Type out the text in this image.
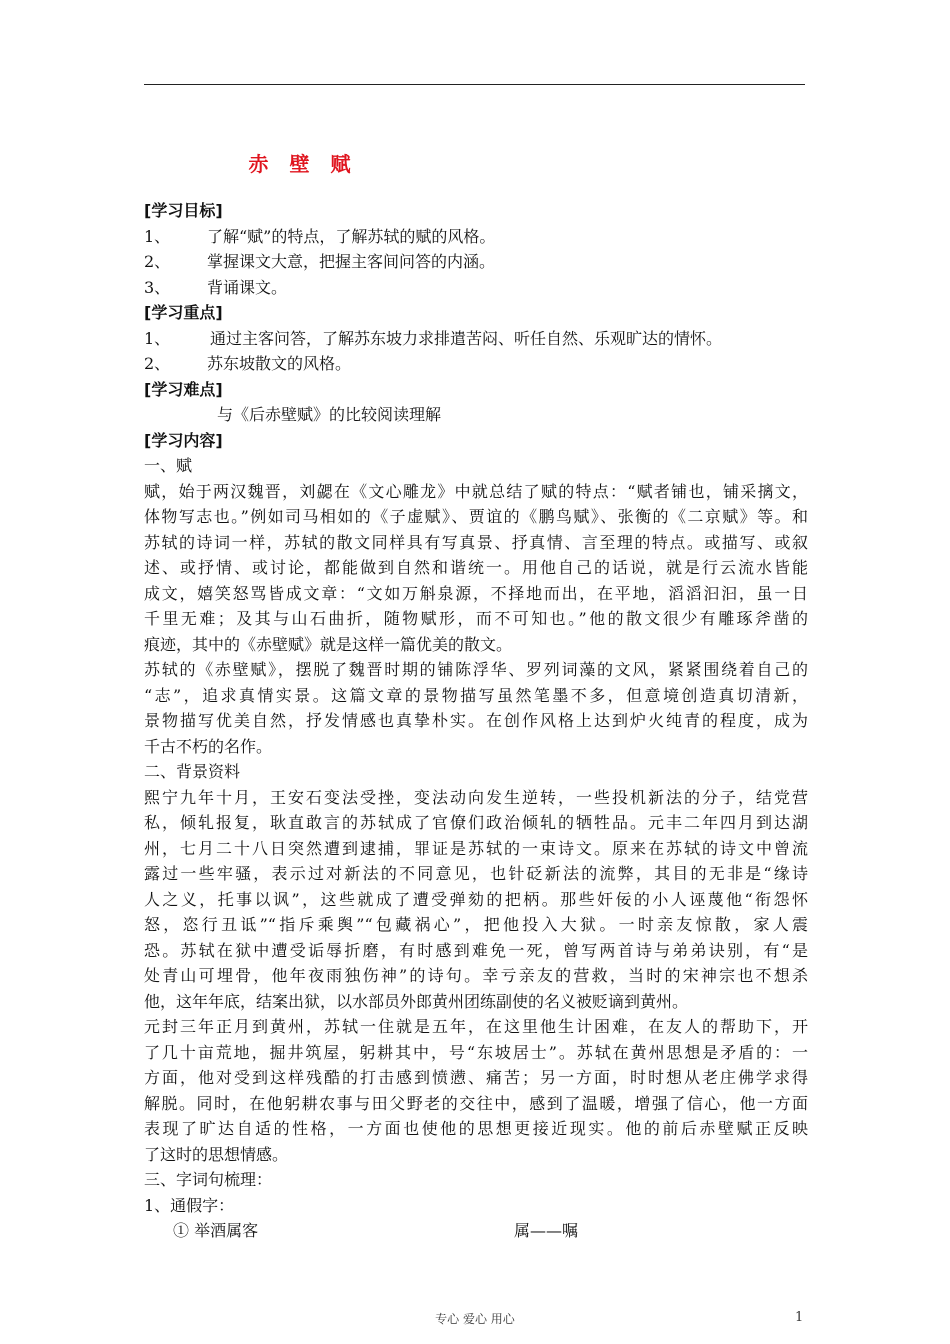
赤 壁 赋
[学习目标]
1、 了解“赋”的特点，了解苏轼的赋的风格。
2、 掌握课文大意，把握主客间问答的内涵。
3、 背诵课文。
[学习重点]
1、 通过主客问答，了解苏东坡力求排遣苦闷、听任自然、乐观旷达的情怀。
2、 苏东坡散文的风格。
[学习难点]
与《后赤壁赋》的比较阅读理解
[学习内容]
一、赋
赋，始于两汉魏晋，刘勰在《文心雕龙》中就总结了赋的特点：“赋者铺也，铺采摛文，
体物写志也。”例如司马相如的《子虚赋》、贾谊的《鹏鸟赋》、张衡的《二京赋》等。和
苏轼的诗词一样，苏轼的散文同样具有写真景、抒真情、言至理的特点。或描写、或叙
述、或抒情、或讨论，都能做到自然和谐统一。用他自己的话说，就是行云流水皆能
成文，嬉笑怒骂皆成文章：“文如万斛泉源，不择地而出，在平地，滔滔汩汩，虽一日
千里无难；及其与山石曲折，随物赋形，而不可知也。”他的散文很少有雕琢斧凿的
痕迹，其中的《赤壁赋》就是这样一篇优美的散文。
苏轼的《赤壁赋》，摆脱了魏晋时期的铺陈浮华、罗列词藻的文风，紧紧围绕着自己的
“志”，追求真情实景。这篇文章的景物描写虽然笔墨不多，但意境创造真切清新，
景物描写优美自然，抒发情感也真挚朴实。在创作风格上达到炉火纯青的程度，成为
千古不朽的名作。
二、背景资料
熙宁九年十月，王安石变法受挫，变法动向发生逆转，一些投机新法的分子，结党营
私，倾轧报复，耿直敢言的苏轼成了官僚们政治倾轧的牺牲品。元丰二年四月到达湖
州，七月二十八日突然遭到逮捕，罪证是苏轼的一束诗文。原来在苏轼的诗文中曾流
露过一些牢骚，表示过对新法的不同意见，也针砭新法的流弊，其目的无非是“缘诗
人之义，托事以讽”，这些就成了遭受弹劾的把柄。那些奸佞的小人诬蔑他“衔怨怀
怒，恣行丑诋”“指斥乘舆”“包藏祸心”，把他投入大狱。一时亲友惊散，家人震
恐。苏轼在狱中遭受诟辱折磨，有时感到难免一死，曾写两首诗与弟弟诀别，有“是
处青山可埋骨，他年夜雨独伤神”的诗句。幸亏亲友的营救，当时的宋神宗也不想杀
他，这年年底，结案出狱，以水部员外郎黄州团练副使的名义被贬谪到黄州。
元封三年正月到黄州，苏轼一住就是五年，在这里他生计困难，在友人的帮助下，开
了几十亩荒地，掘井筑屋，躬耕其中，号“东坡居士”。苏轼在黄州思想是矛盾的：一
方面，他对受到这样残酷的打击感到愤懑、痛苦；另一方面，时时想从老庄佛学求得
解脱。同时，在他躬耕农事与田父野老的交往中，感到了温暖，增强了信心，他一方面
表现了旷达自适的性格，一方面也使他的思想更接近现实。他的前后赤壁赋正反映
了这时的思想情感。
三、字词句梳理：
1、通假字：
① 举酒属客	属——嘱
专心 爱心 用心	1
